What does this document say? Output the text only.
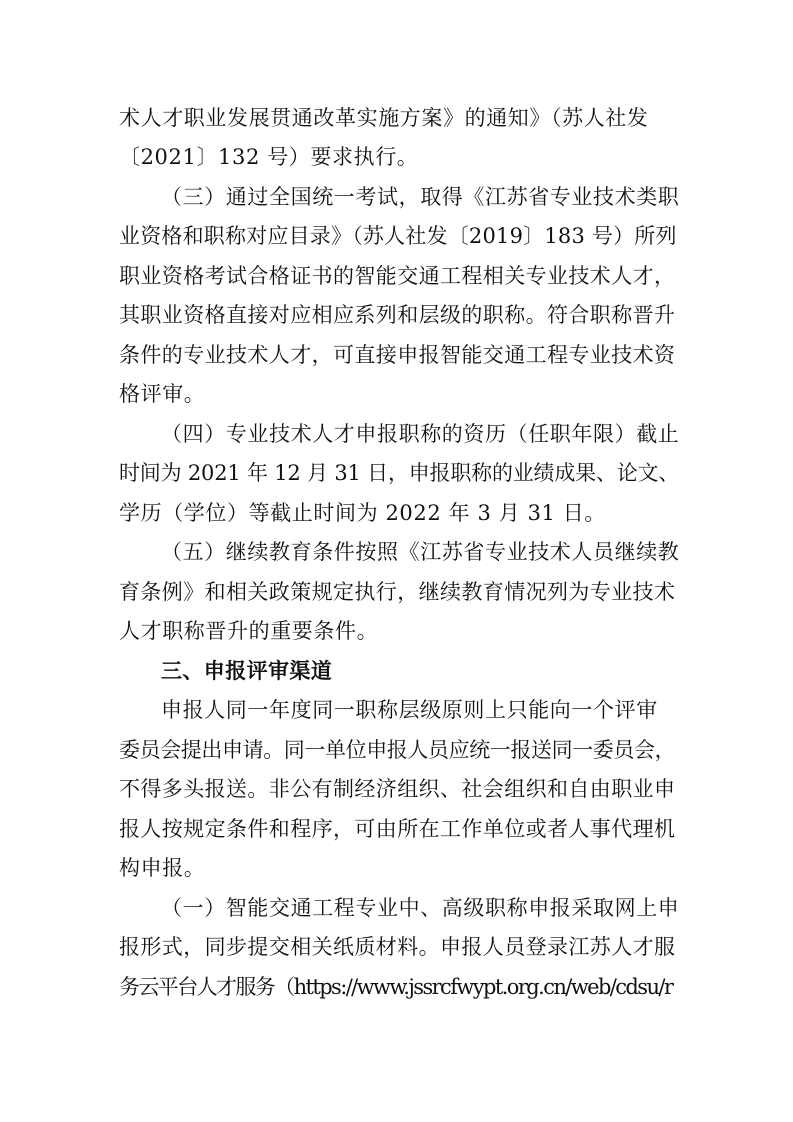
术人才职业发展贯通改革实施方案》的通知》（苏人社发
〔2021〕132 号）要求执行。
（三）通过全国统一考试，取得《江苏省专业技术类职
业资格和职称对应目录》（苏人社发〔2019〕183 号）所列
职业资格考试合格证书的智能交通工程相关专业技术人才，
其职业资格直接对应相应系列和层级的职称。符合职称晋升
条件的专业技术人才，可直接申报智能交通工程专业技术资
格评审。
（四）专业技术人才申报职称的资历（任职年限）截止
时间为 2021 年 12 月 31 日，申报职称的业绩成果、论文、
学历（学位）等截止时间为 2022 年 3 月 31 日。
（五）继续教育条件按照《江苏省专业技术人员继续教
育条例》和相关政策规定执行，继续教育情况列为专业技术
人才职称晋升的重要条件。
三、申报评审渠道
申报人同一年度同一职称层级原则上只能向一个评审
委员会提出申请。同一单位申报人员应统一报送同一委员会，
不得多头报送。非公有制经济组织、社会组织和自由职业申
报人按规定条件和程序，可由所在工作单位或者人事代理机
构申报。
（一）智能交通工程专业中、高级职称申报采取网上申
报形式，同步提交相关纸质材料。申报人员登录江苏人才服
务云平台人才服务（https://www.jssrcfwypt.org.cn/web/cdsu/r
